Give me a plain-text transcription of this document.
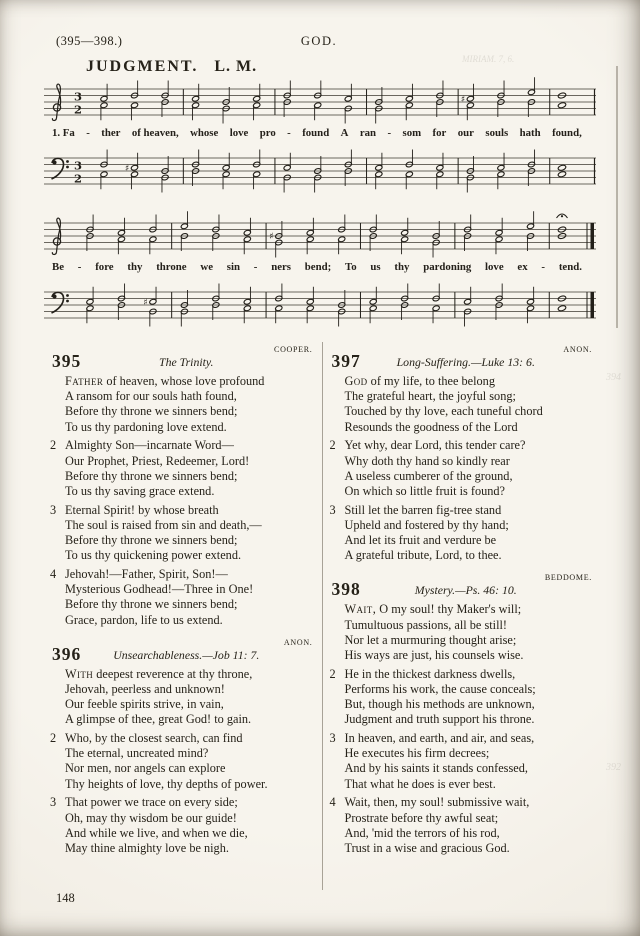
(395—398.)	GOD.
JUDGMENT. L. M.
3
2
3
2
♯
♯
1. Fa - ther of heaven, whose love pro - found A ran - som for our souls hath found,
♯
♯
Be - fore thy throne we sin - ners bend; To us thy pardoning love ex - tend.
395	The Trinity.
COOPER.
Father of heaven, whose love profound
A ransom for our souls hath found,
Before thy throne we sinners bend;
To us thy pardoning love extend.
2 Almighty Son—incarnate Word—
Our Prophet, Priest, Redeemer, Lord!
Before thy throne we sinners bend;
To us thy saving grace extend.
3 Eternal Spirit! by whose breath
The soul is raised from sin and death,—
Before thy throne we sinners bend;
To us thy quickening power extend.
4 Jehovah!—Father, Spirit, Son!—
Mysterious Godhead!—Three in One!
Before thy throne we sinners bend;
Grace, pardon, life to us extend.
396	Unsearchableness.—Job 11: 7.
ANON.
With deepest reverence at thy throne,
Jehovah, peerless and unknown!
Our feeble spirits strive, in vain,
A glimpse of thee, great God! to gain.
2 Who, by the closest search, can find
The eternal, uncreated mind?
Nor men, nor angels can explore
Thy heights of love, thy depths of power.
3 That power we trace on every side;
Oh, may thy wisdom be our guide!
And while we live, and when we die,
May thine almighty love be nigh.
397	Long-Suffering.—Luke 13: 6.
ANON.
God of my life, to thee belong
The grateful heart, the joyful song;
Touched by thy love, each tuneful chord
Resounds the goodness of the Lord
2 Yet why, dear Lord, this tender care?
Why doth thy hand so kindly rear
A useless cumberer of the ground,
On which so little fruit is found?
3 Still let the barren fig-tree stand
Upheld and fostered by thy hand;
And let its fruit and verdure be
A grateful tribute, Lord, to thee.
398	Mystery.—Ps. 46: 10.
BEDDOME.
Wait, O my soul! thy Maker's will;
Tumultuous passions, all be still!
Nor let a murmuring thought arise;
His ways are just, his counsels wise.
2 He in the thickest darkness dwells,
Performs his work, the cause conceals;
But, though his methods are unknown,
Judgment and truth support his throne.
3 In heaven, and earth, and air, and seas,
He executes his firm decrees;
And by his saints it stands confessed,
That what he does is ever best.
4 Wait, then, my soul! submissive wait,
Prostrate before thy awful seat;
And, 'mid the terrors of his rod,
Trust in a wise and gracious God.
148
MIRIAM. 7, 6.
394
392
